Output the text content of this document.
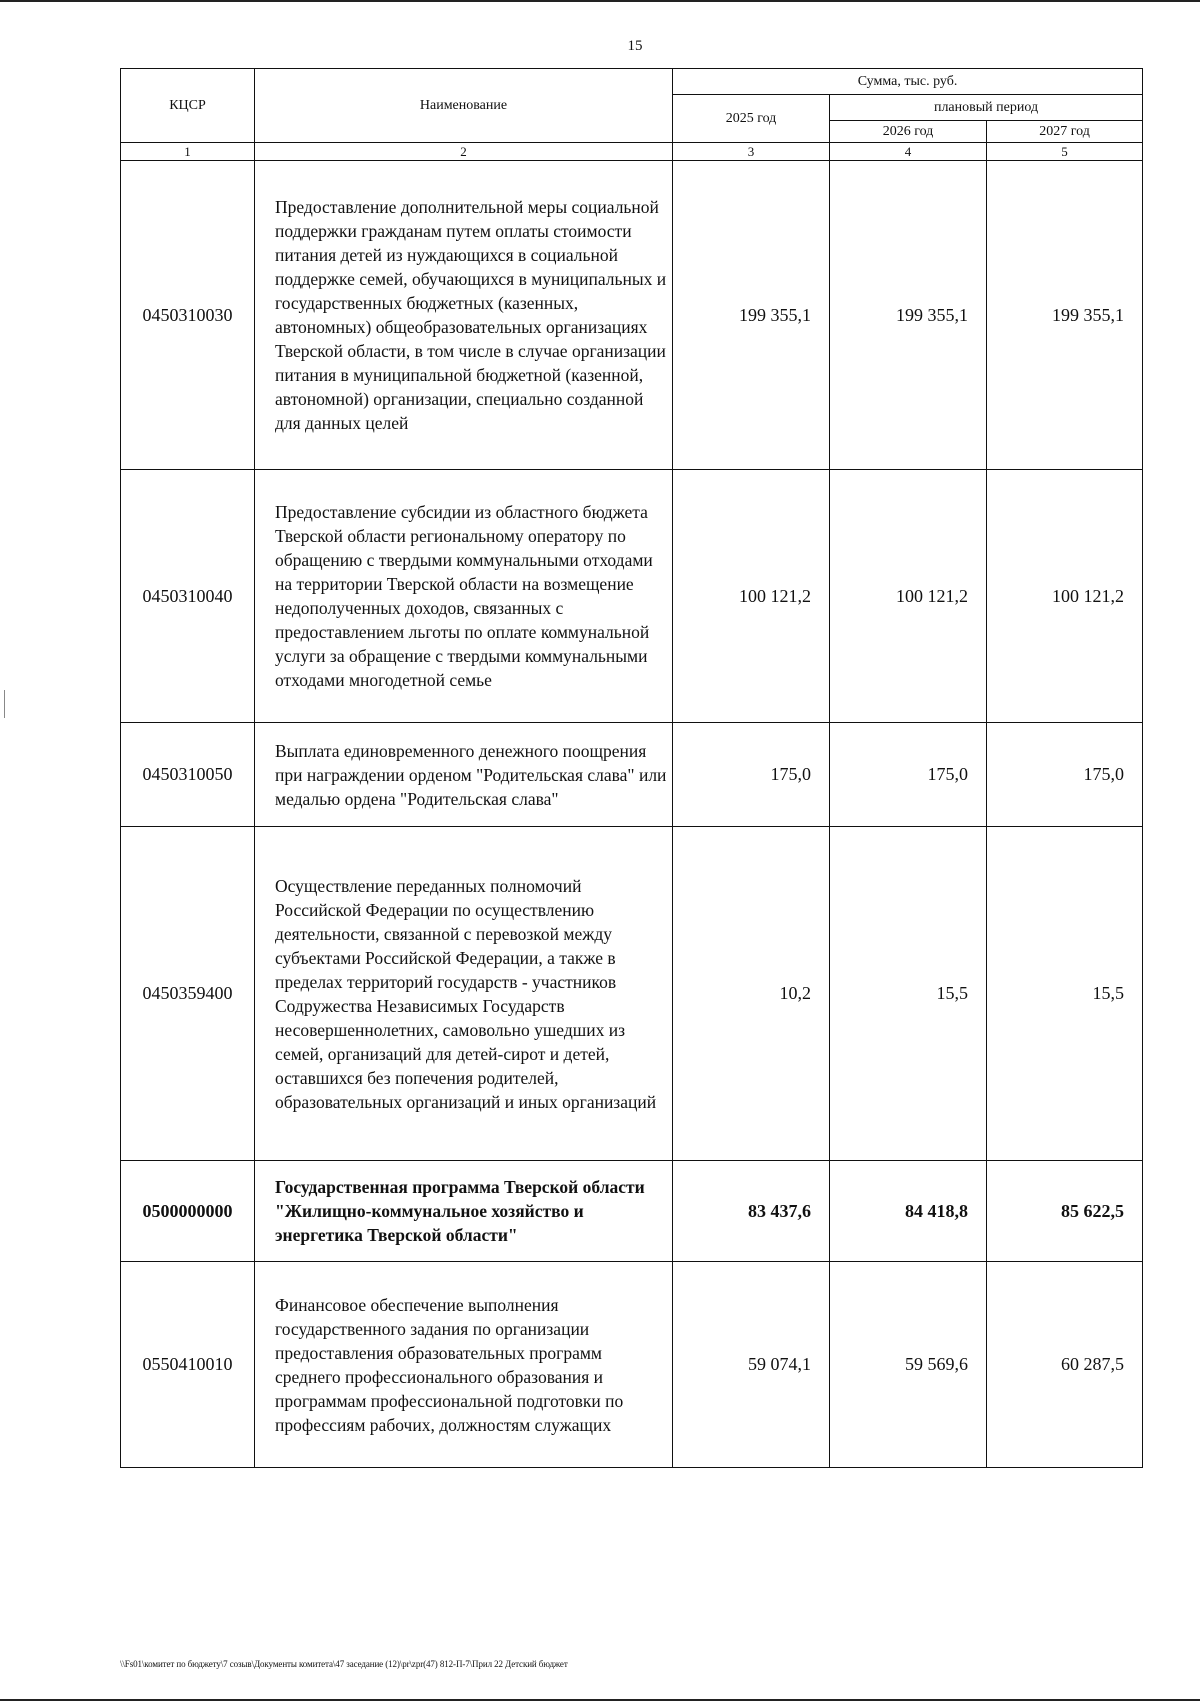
15
КЦСР	Наименование	Сумма, тыс. руб.		
		2025 год	плановый период	
			2026 год	2027 год
1	2	3	4	5
0450310030	Предоставление дополнительной меры социальной поддержки гражданам путем оплаты стоимости питания детей из нуждающихся в социальной поддержке семей, обучающихся в муниципальных и государственных бюджетных (казенных, автономных) общеобразовательных организациях Тверской области, в том числе в случае организации питания в муниципальной бюджетной (казенной, автономной) организации, специально созданной для данных целей	199 355,1	199 355,1	199 355,1
0450310040	Предоставление субсидии из областного бюджета Тверской области региональному оператору по обращению с твердыми коммунальными отходами на территории Тверской области на возмещение недополученных доходов, связанных с предоставлением льготы по оплате коммунальной услуги за обращение с твердыми коммунальными отходами многодетной семье	100 121,2	100 121,2	100 121,2
0450310050	Выплата единовременного денежного поощрения при награждении орденом "Родительская слава" или медалью ордена "Родительская слава"	175,0	175,0	175,0
0450359400	Осуществление переданных полномочий Российской Федерации по осуществлению деятельности, связанной с перевозкой между субъектами Российской Федерации, а также в пределах территорий государств - участников Содружества Независимых Государств несовершеннолетних, самовольно ушедших из семей, организаций для детей-сирот и детей, оставшихся без попечения родителей, образовательных организаций и иных организаций	10,2	15,5	15,5
0500000000	Государственная программа Тверской области "Жилищно-коммунальное хозяйство и энергетика Тверской области"	83 437,6	84 418,8	85 622,5
0550410010	Финансовое обеспечение выполнения государственного задания по организации предоставления образовательных программ среднего профессионального образования и программам профессиональной подготовки по профессиям рабочих, должностям служащих	59 074,1	59 569,6	60 287,5
\\Fs01\комитет по бюджету\7 созыв\Документы комитета\47 заседание (12)\pr\zpr(47) 812-П-7\Прил 22 Детский бюджет
